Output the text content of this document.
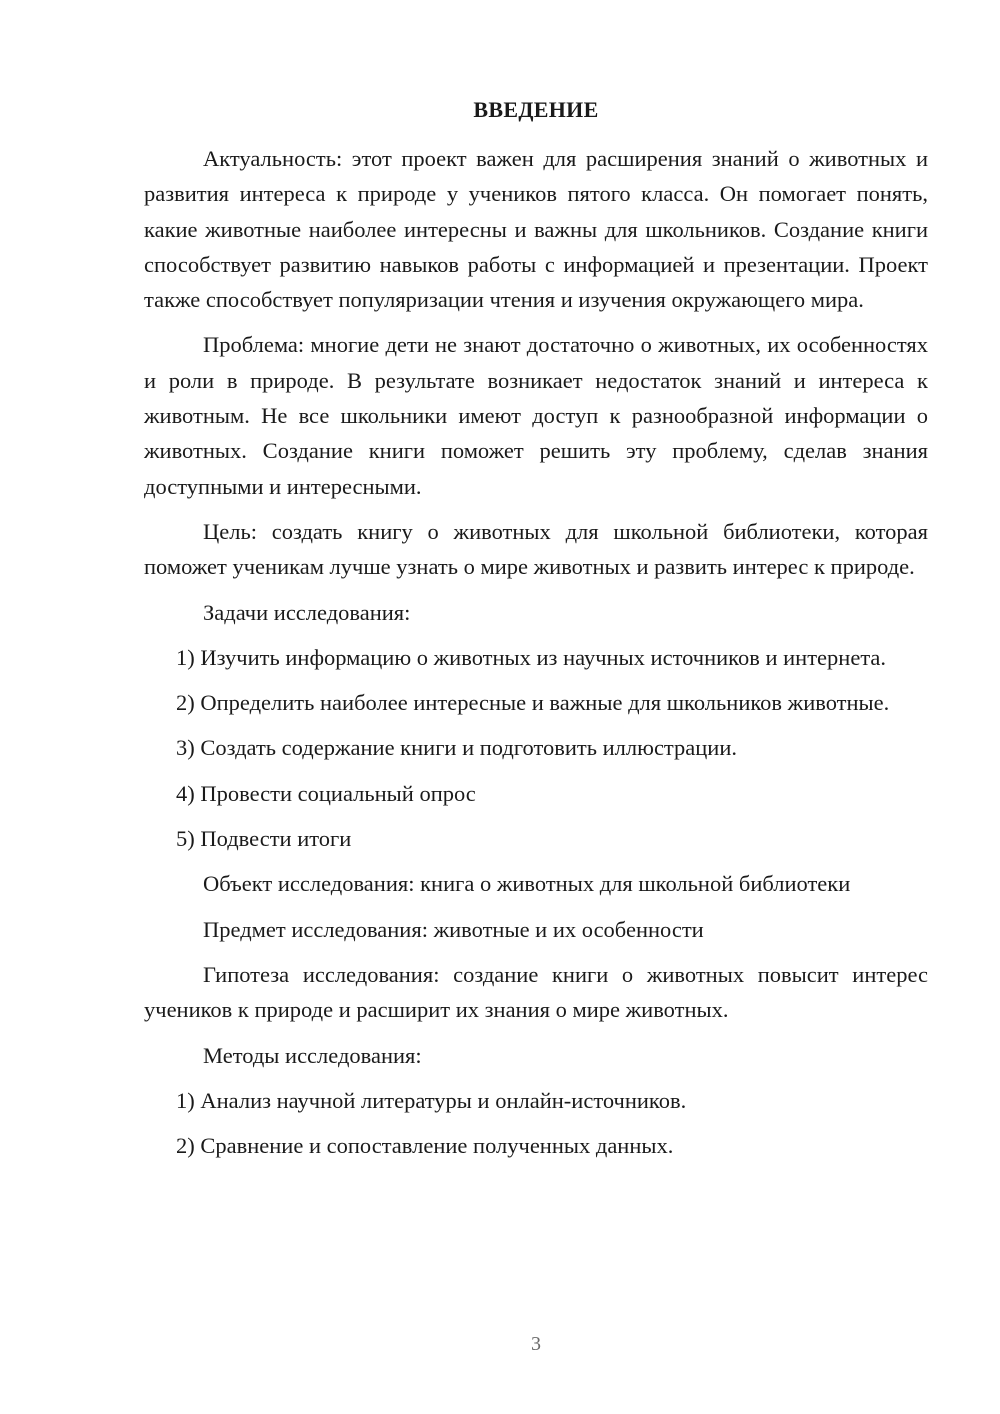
ВВЕДЕНИЕ

Актуальность: этот проект важен для расширения знаний о животных и развития интереса к природе у учеников пятого класса. Он помогает понять, какие животные наиболее интересны и важны для школьников. Создание книги способствует развитию навыков работы с информацией и презентации. Проект также способствует популяризации чтения и изучения окружающего мира.

Проблема: многие дети не знают достаточно о животных, их особенностях и роли в природе. В результате возникает недостаток знаний и интереса к животным. Не все школьники имеют доступ к разнообразной информации о животных. Создание книги поможет решить эту проблему, сделав знания доступными и интересными.

Цель: создать книгу о животных для школьной библиотеки, которая поможет ученикам лучше узнать о мире животных и развить интерес к природе.

Задачи исследования:

1) Изучить информацию о животных из научных источников и интернета.

2) Определить наиболее интересные и важные для школьников животные.

3) Создать содержание книги и подготовить иллюстрации.

4) Провести социальный опрос

5) Подвести итоги

Объект исследования: книга о животных для школьной библиотеки

Предмет исследования: животные и их особенности

Гипотеза исследования: создание книги о животных повысит интерес учеников к природе и расширит их знания о мире животных.

Методы исследования:

1) Анализ научной литературы и онлайн-источников.

2) Сравнение и сопоставление полученных данных.

3
